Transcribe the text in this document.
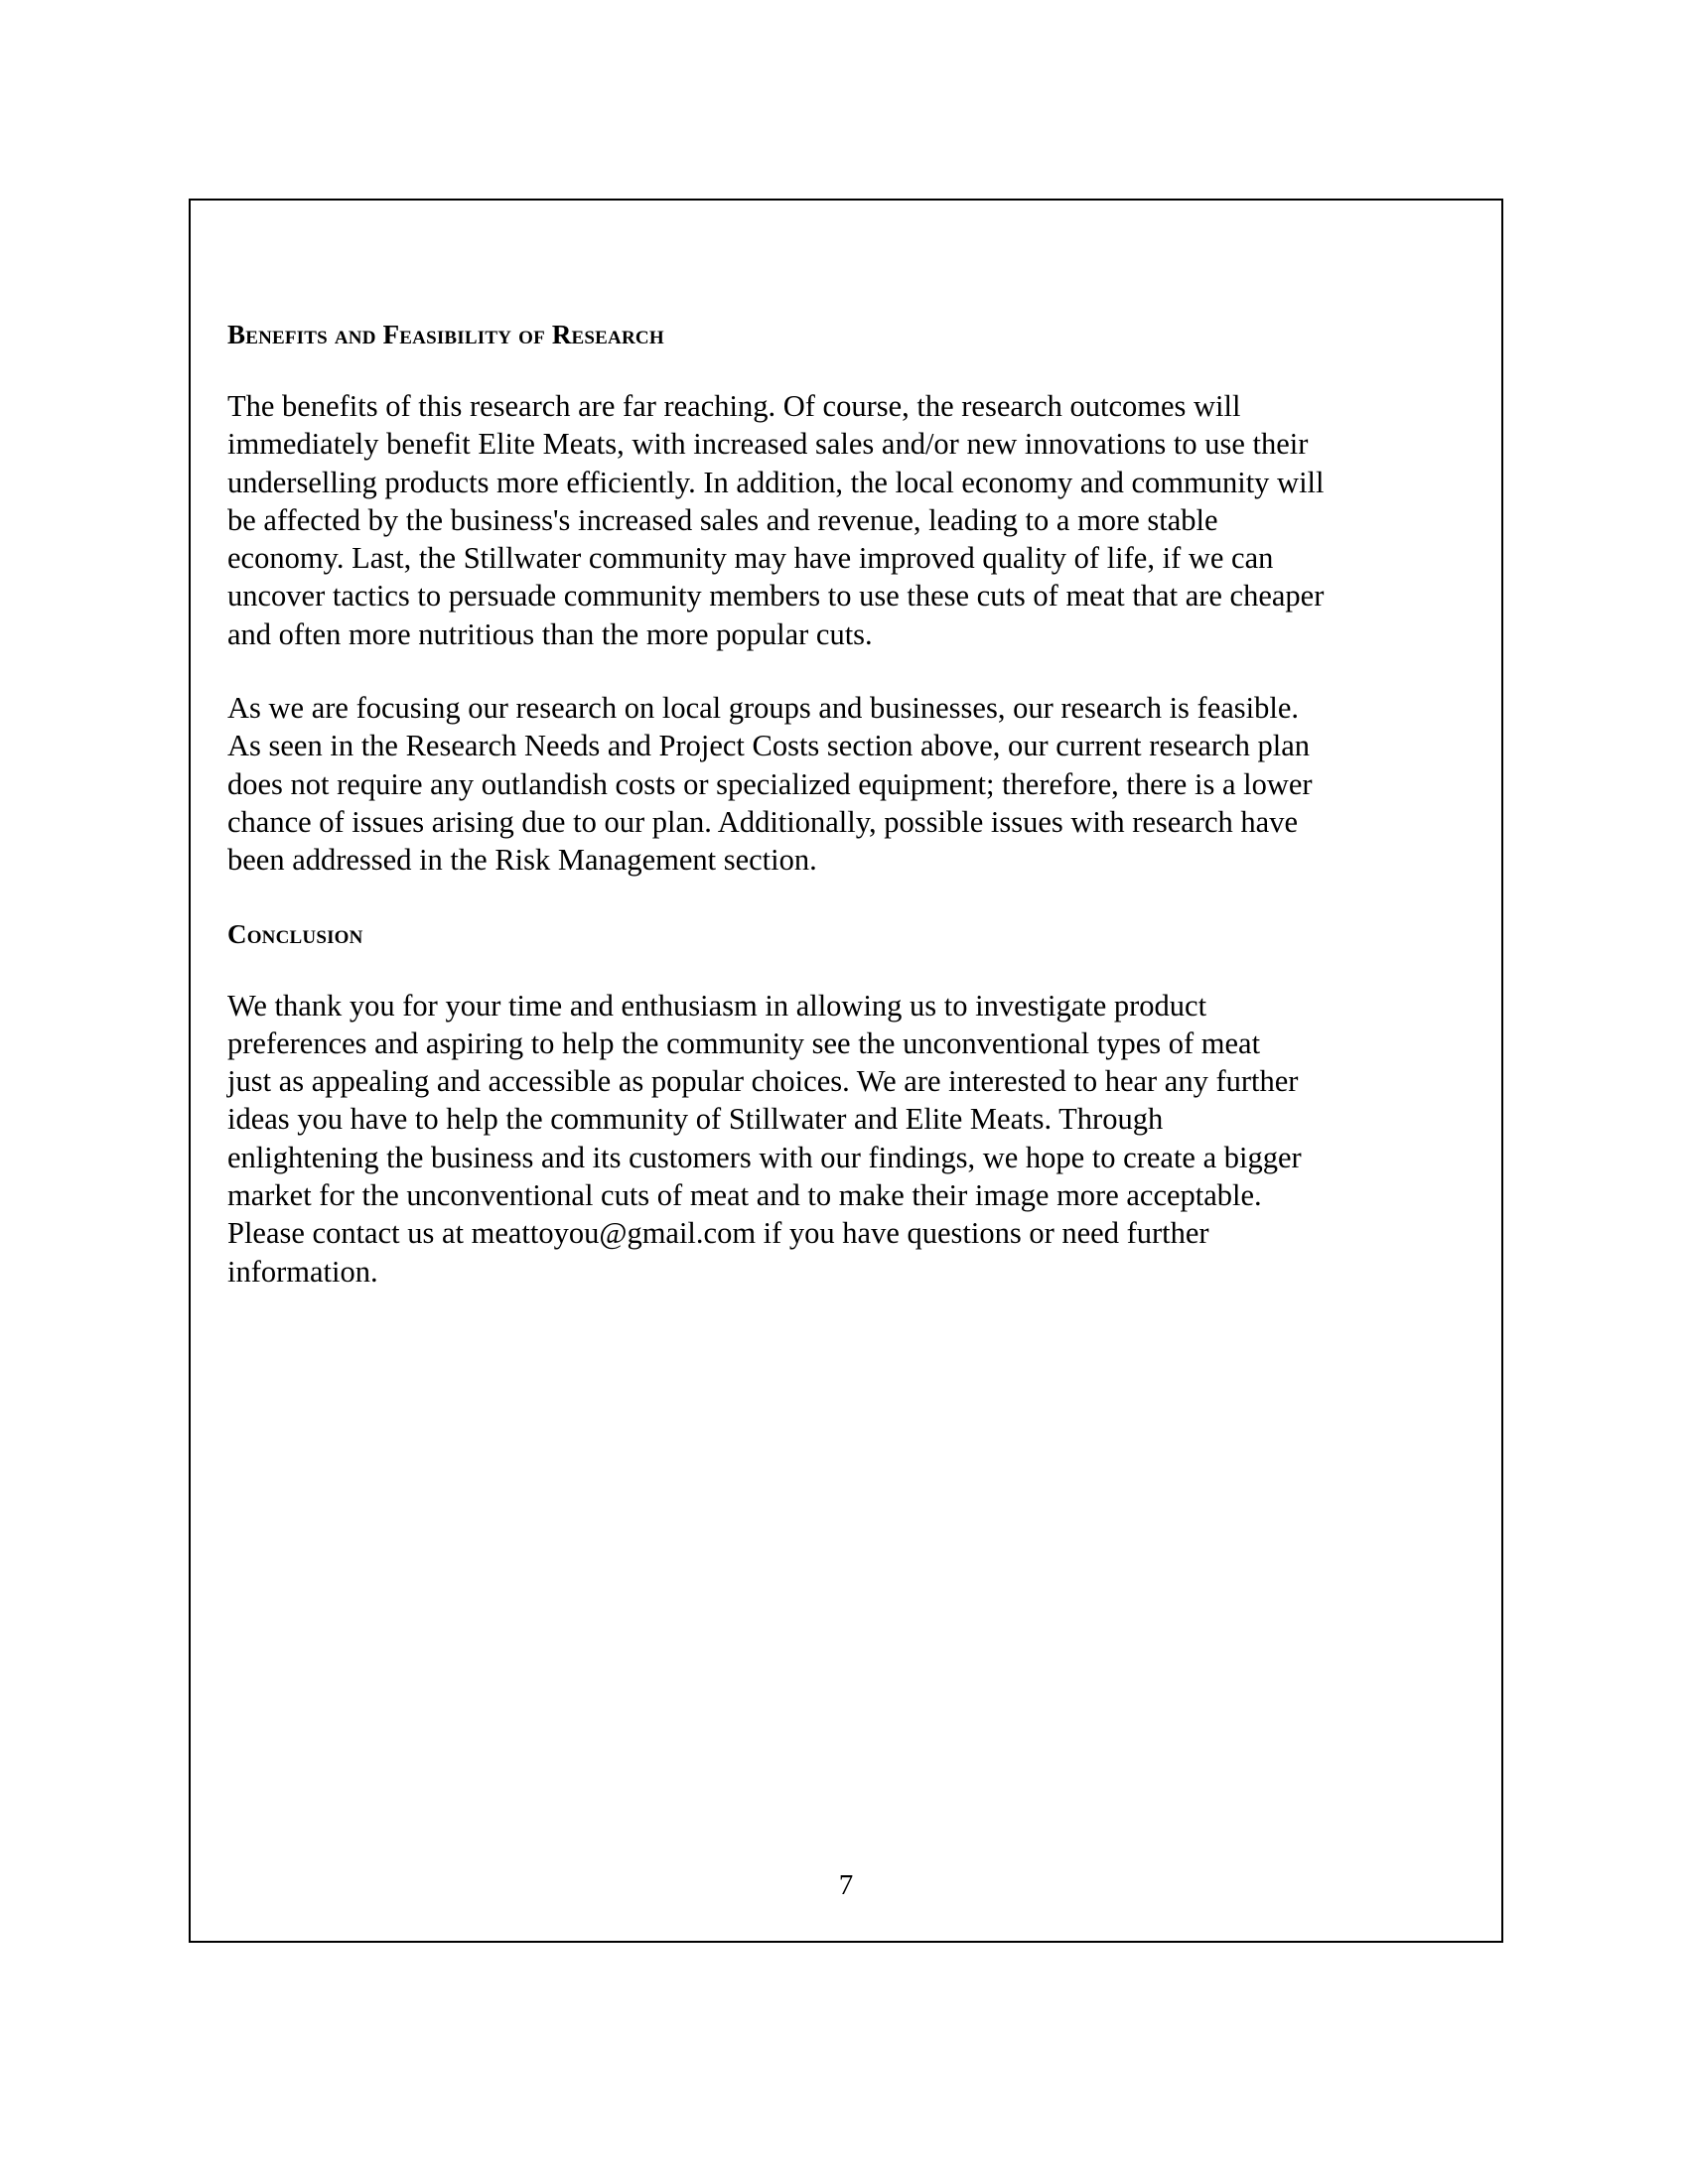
Benefits and Feasibility of Research
The benefits of this research are far reaching. Of course, the research outcomes will
immediately benefit Elite Meats, with increased sales and/or new innovations to use their
underselling products more efficiently. In addition, the local economy and community will
be affected by the business's increased sales and revenue, leading to a more stable
economy. Last, the Stillwater community may have improved quality of life, if we can
uncover tactics to persuade community members to use these cuts of meat that are cheaper
and often more nutritious than the more popular cuts.
As we are focusing our research on local groups and businesses, our research is feasible.
As seen in the Research Needs and Project Costs section above, our current research plan
does not require any outlandish costs or specialized equipment; therefore, there is a lower
chance of issues arising due to our plan. Additionally, possible issues with research have
been addressed in the Risk Management section.
Conclusion
We thank you for your time and enthusiasm in allowing us to investigate product
preferences and aspiring to help the community see the unconventional types of meat
just as appealing and accessible as popular choices. We are interested to hear any further
ideas you have to help the community of Stillwater and Elite Meats. Through
enlightening the business and its customers with our findings, we hope to create a bigger
market for the unconventional cuts of meat and to make their image more acceptable.
Please contact us at meattoyou@gmail.com if you have questions or need further
information.
7
